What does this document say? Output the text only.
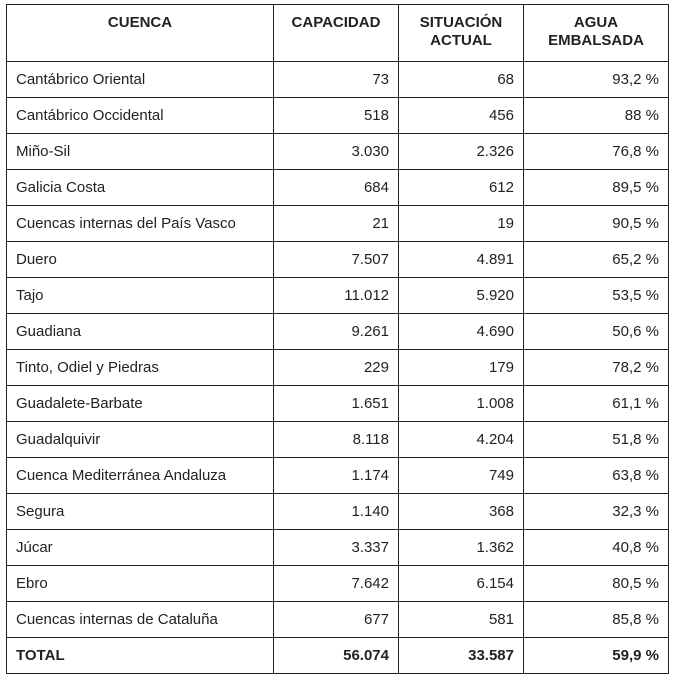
CUENCA	CAPACIDAD	SITUACIÓN ACTUAL	AGUA EMBALSADA
Cantábrico Oriental	73	68	93,2 %
Cantábrico Occidental	518	456	88 %
Miño-Sil	3.030	2.326	76,8 %
Galicia Costa	684	612	89,5 %
Cuencas internas del País Vasco	21	19	90,5 %
Duero	7.507	4.891	65,2 %
Tajo	11.012	5.920	53,5 %
Guadiana	9.261	4.690	50,6 %
Tinto, Odiel y Piedras	229	179	78,2 %
Guadalete-Barbate	1.651	1.008	61,1 %
Guadalquivir	8.118	4.204	51,8 %
Cuenca Mediterránea Andaluza	1.174	749	63,8 %
Segura	1.140	368	32,3 %
Júcar	3.337	1.362	40,8 %
Ebro	7.642	6.154	80,5 %
Cuencas internas de Cataluña	677	581	85,8 %
TOTAL	56.074	33.587	59,9 %
